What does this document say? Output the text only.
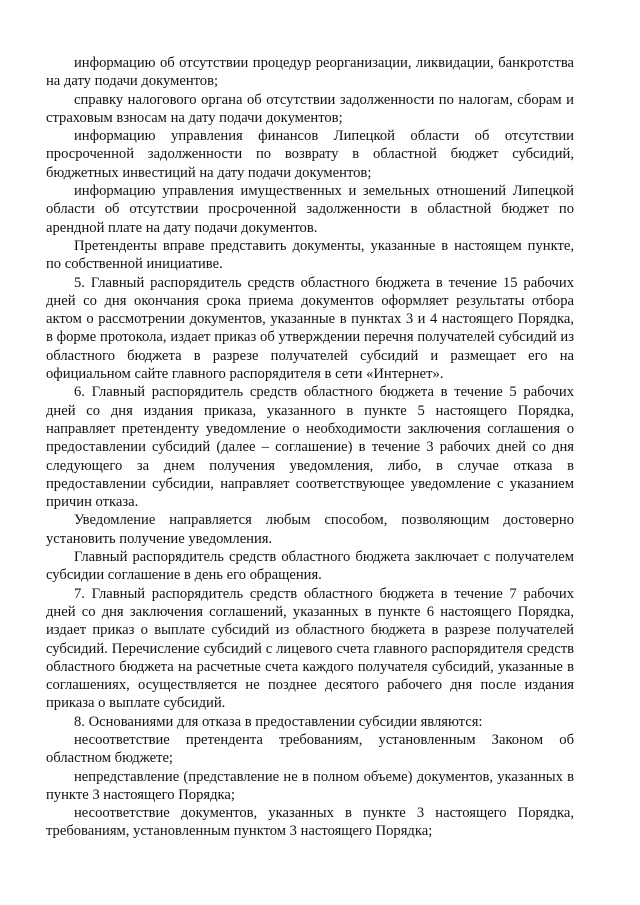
информацию об отсутствии процедур реорганизации, ликвидации, банкротства на дату подачи документов;

справку налогового органа об отсутствии задолженности по налогам, сборам и страховым взносам на дату подачи документов;

информацию управления финансов Липецкой области об отсутствии просроченной задолженности по возврату в областной бюджет субсидий, бюджетных инвестиций на дату подачи документов;

информацию управления имущественных и земельных отношений Липецкой области об отсутствии просроченной задолженности в областной бюджет по арендной плате на дату подачи документов.

Претенденты вправе представить документы, указанные в настоящем пункте, по собственной инициативе.

5. Главный распорядитель средств областного бюджета в течение 15 рабочих дней со дня окончания срока приема документов оформляет результаты отбора актом о рассмотрении документов, указанные в пунктах 3 и 4 настоящего Порядка, в форме протокола, издает приказ об утверждении перечня получателей субсидий из областного бюджета в разрезе получателей субсидий и размещает его на официальном сайте главного распорядителя в сети «Интернет».

6. Главный распорядитель средств областного бюджета в течение 5 рабочих дней со дня издания приказа, указанного в пункте 5 настоящего Порядка, направляет претенденту уведомление о необходимости заключения соглашения о предоставлении субсидий (далее – соглашение) в течение 3 рабочих дней со дня следующего за днем получения уведомления, либо, в случае отказа в предоставлении субсидии, направляет соответствующее уведомление с указанием причин отказа.

Уведомление направляется любым способом, позволяющим достоверно установить получение уведомления.

Главный распорядитель средств областного бюджета заключает с получателем субсидии соглашение в день его обращения.

7. Главный распорядитель средств областного бюджета в течение 7 рабочих дней со дня заключения соглашений, указанных в пункте 6 настоящего Порядка, издает приказ о выплате субсидий из областного бюджета в разрезе получателей субсидий. Перечисление субсидий с лицевого счета главного распорядителя средств областного бюджета на расчетные счета каждого получателя субсидий, указанные в соглашениях, осуществляется не позднее десятого рабочего дня после издания приказа о выплате субсидий.

8. Основаниями для отказа в предоставлении субсидии являются:

несоответствие претендента требованиям, установленным Законом об областном бюджете;

непредставление (представление не в полном объеме) документов, указанных в пункте 3 настоящего Порядка;

несоответствие документов, указанных в пункте 3 настоящего Порядка, требованиям, установленным пунктом 3 настоящего Порядка;
